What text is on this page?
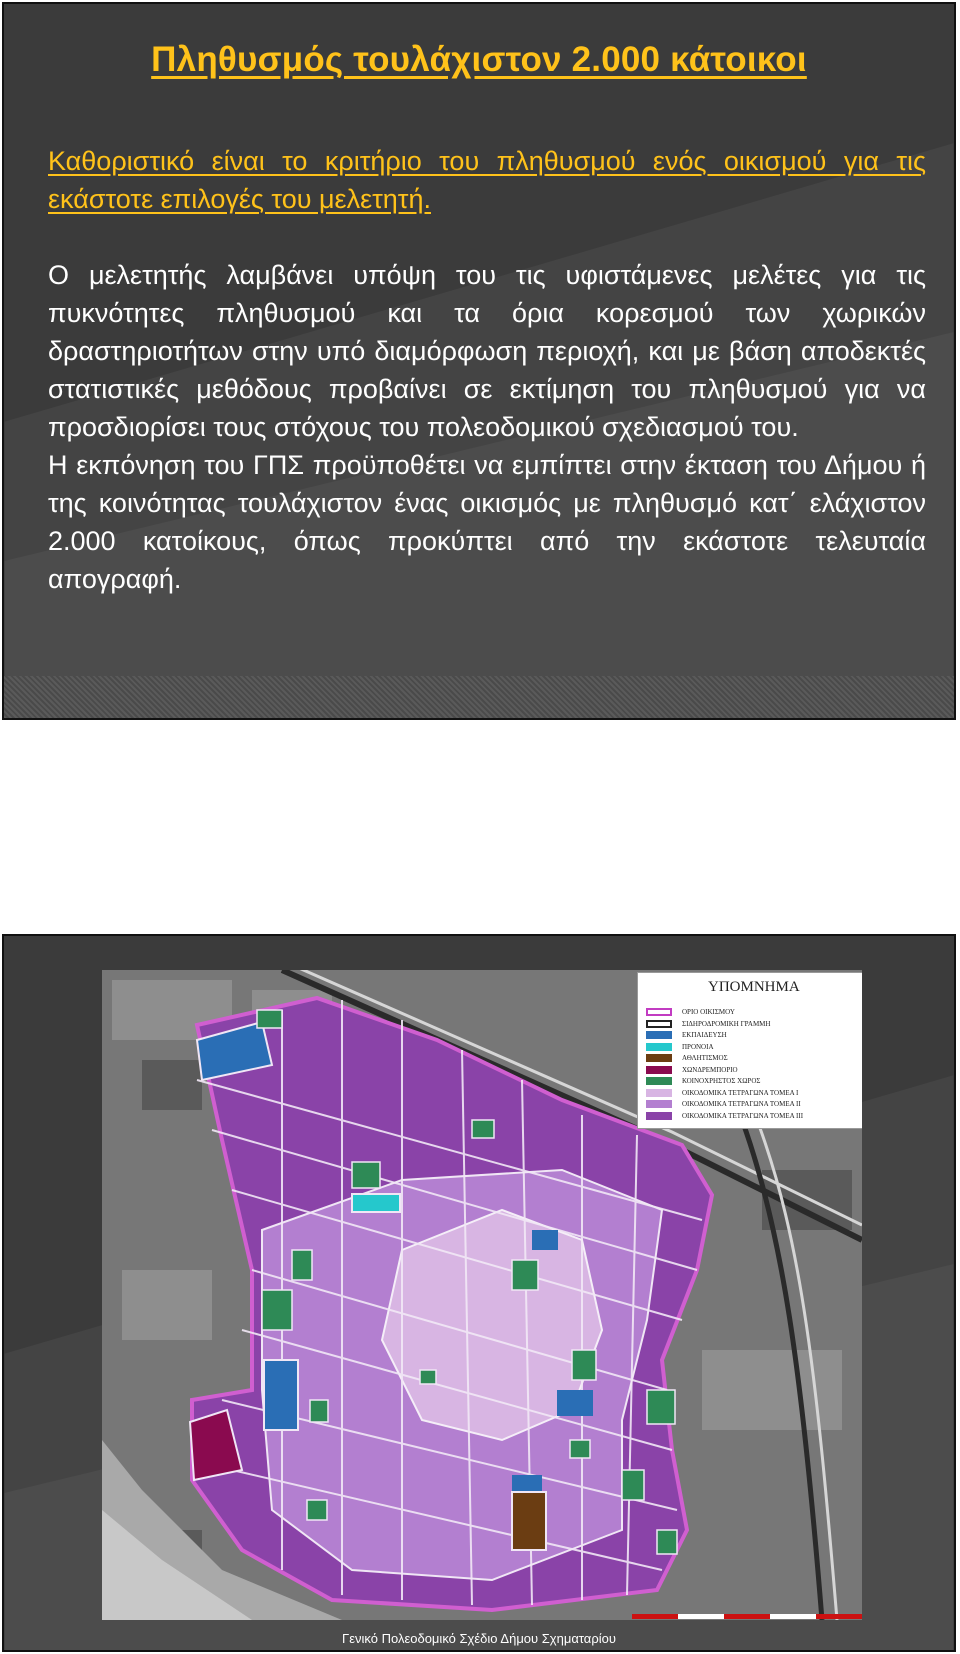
Πληθυσμός τουλάχιστον 2.000 κάτοικοι

Καθοριστικό είναι το κριτήριο του πληθυσμού ενός οικισμού για τις εκάστοτε επιλογές του μελετητή.

Ο μελετητής λαμβάνει υπόψη του τις υφιστάμενες μελέτες για τις πυκνότητες πληθυσμού και τα όρια κορεσμού των χωρικών δραστηριοτήτων στην υπό διαμόρφωση περιοχή, και με βάση αποδεκτές στατιστικές μεθόδους προβαίνει σε εκτίμηση του πληθυσμού για να προσδιορίσει τους στόχους του πολεοδομικού σχεδιασμού του.

Η εκπόνηση του ΓΠΣ προϋποθέτει να εμπίπτει στην έκταση του Δήμου ή της κοινότητας τουλάχιστον ένας οικισμός με πληθυσμό κατ΄ ελάχιστον 2.000 κατοίκους, όπως προκύπτει από την εκάστοτε τελευταία απογραφή.

ΥΠΟΜΝΗΜΑ

ΟΡΙΟ ΟΙΚΙΣΜΟΥ
ΣΙΔΗΡΟΔΡΟΜΙΚΗ ΓΡΑΜΜΗ
ΕΚΠΑΙΔΕΥΣΗ
ΠΡΟΝΟΙΑ
ΑΘΛΗΤΙΣΜΟΣ
ΧΩΝΔΡΕΜΠΟΡΙΟ
ΚΟΙΝΟΧΡΗΣΤΟΣ ΧΩΡΟΣ
ΟΙΚΟΔΟΜΙΚΑ ΤΕΤΡΑΓΩΝΑ ΤΟΜΕΑ Ι
ΟΙΚΟΔΟΜΙΚΑ ΤΕΤΡΑΓΩΝΑ ΤΟΜΕΑ ΙΙ
ΟΙΚΟΔΟΜΙΚΑ ΤΕΤΡΑΓΩΝΑ ΤΟΜΕΑ ΙΙΙ

Γενικό Πολεοδομικό Σχέδιο Δήμου Σχηματαρίου
